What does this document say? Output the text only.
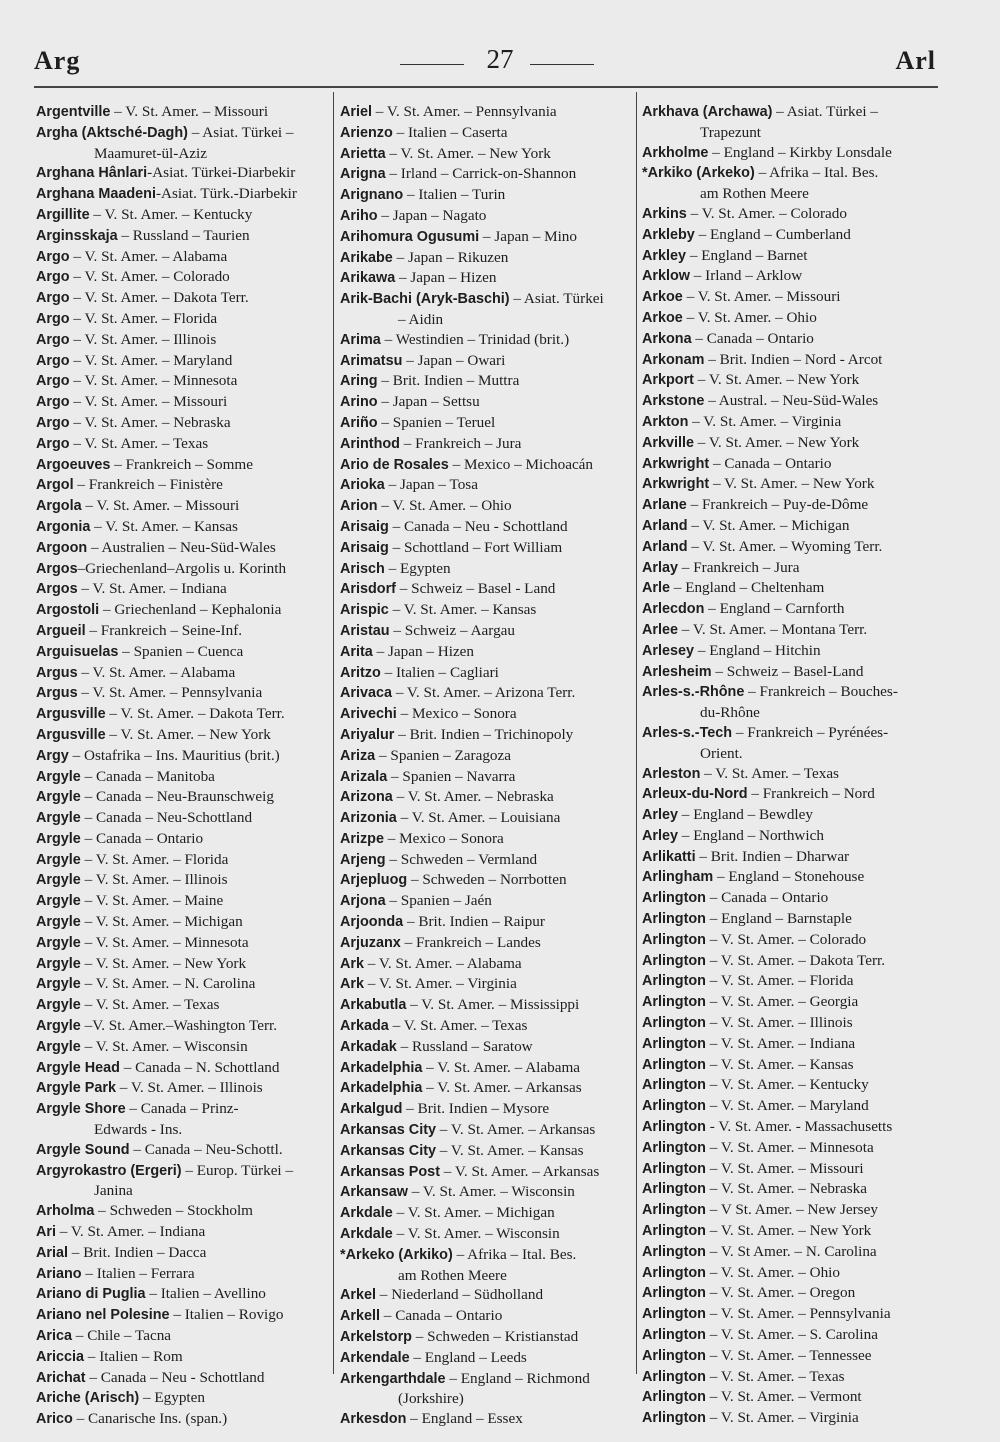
Arg	27	Arl
Argentville – V. St. Amer. – Missouri
Argha (Aktsché-Dagh) – Asiat. Türkei –
Maamuret-ül-Aziz
Arghana Hânlari-Asiat. Türkei-Diarbekir
Arghana Maadeni-Asiat. Türk.-Diarbekir
Argillite – V. St. Amer. – Kentucky
Arginsskaja – Russland – Taurien
Argo – V. St. Amer. – Alabama
Argo – V. St. Amer. – Colorado
Argo – V. St. Amer. – Dakota Terr.
Argo – V. St. Amer. – Florida
Argo – V. St. Amer. – Illinois
Argo – V. St. Amer. – Maryland
Argo – V. St. Amer. – Minnesota
Argo – V. St. Amer. – Missouri
Argo – V. St. Amer. – Nebraska
Argo – V. St. Amer. – Texas
Argoeuves – Frankreich – Somme
Argol – Frankreich – Finistère
Argola – V. St. Amer. – Missouri
Argonia – V. St. Amer. – Kansas
Argoon – Australien – Neu-Süd-Wales
Argos–Griechenland–Argolis u. Korinth
Argos – V. St. Amer. – Indiana
Argostoli – Griechenland – Kephalonia
Argueil – Frankreich – Seine-Inf.
Arguisuelas – Spanien – Cuenca
Argus – V. St. Amer. – Alabama
Argus – V. St. Amer. – Pennsylvania
Argusville – V. St. Amer. – Dakota Terr.
Argusville – V. St. Amer. – New York
Argy – Ostafrika – Ins. Mauritius (brit.)
Argyle – Canada – Manitoba
Argyle – Canada – Neu-Braunschweig
Argyle – Canada – Neu-Schottland
Argyle – Canada – Ontario
Argyle – V. St. Amer. – Florida
Argyle – V. St. Amer. – Illinois
Argyle – V. St. Amer. – Maine
Argyle – V. St. Amer. – Michigan
Argyle – V. St. Amer. – Minnesota
Argyle – V. St. Amer. – New York
Argyle – V. St. Amer. – N. Carolina
Argyle – V. St. Amer. – Texas
Argyle –V. St. Amer.–Washington Terr.
Argyle – V. St. Amer. – Wisconsin
Argyle Head – Canada – N. Schottland
Argyle Park – V. St. Amer. – Illinois
Argyle Shore – Canada – Prinz-
Edwards - Ins.
Argyle Sound – Canada – Neu-Schottl.
Argyrokastro (Ergeri) – Europ. Türkei –
Janina
Arholma – Schweden – Stockholm
Ari – V. St. Amer. – Indiana
Arial – Brit. Indien – Dacca
Ariano – Italien – Ferrara
Ariano di Puglia – Italien – Avellino
Ariano nel Polesine – Italien – Rovigo
Arica – Chile – Tacna
Ariccia – Italien – Rom
Arichat – Canada – Neu - Schottland
Ariche (Arisch) – Egypten
Arico – Canarische Ins. (span.)
Ariel – V. St. Amer. – Pennsylvania
Arienzo – Italien – Caserta
Arietta – V. St. Amer. – New York
Arigna – Irland – Carrick-on-Shannon
Arignano – Italien – Turin
Ariho – Japan – Nagato
Arihomura Ogusumi – Japan – Mino
Arikabe – Japan – Rikuzen
Arikawa – Japan – Hizen
Arik-Bachi (Aryk-Baschi) – Asiat. Türkei
– Aidin
Arima – Westindien – Trinidad (brit.)
Arimatsu – Japan – Owari
Aring – Brit. Indien – Muttra
Arino – Japan – Settsu
Ariño – Spanien – Teruel
Arinthod – Frankreich – Jura
Ario de Rosales – Mexico – Michoacán
Arioka – Japan – Tosa
Arion – V. St. Amer. – Ohio
Arisaig – Canada – Neu - Schottland
Arisaig – Schottland – Fort William
Arisch – Egypten
Arisdorf – Schweiz – Basel - Land
Arispic – V. St. Amer. – Kansas
Aristau – Schweiz – Aargau
Arita – Japan – Hizen
Aritzo – Italien – Cagliari
Arivaca – V. St. Amer. – Arizona Terr.
Arivechi – Mexico – Sonora
Ariyalur – Brit. Indien – Trichinopoly
Ariza – Spanien – Zaragoza
Arizala – Spanien – Navarra
Arizona – V. St. Amer. – Nebraska
Arizonia – V. St. Amer. – Louisiana
Arizpe – Mexico – Sonora
Arjeng – Schweden – Vermland
Arjepluog – Schweden – Norrbotten
Arjona – Spanien – Jaén
Arjoonda – Brit. Indien – Raipur
Arjuzanx – Frankreich – Landes
Ark – V. St. Amer. – Alabama
Ark – V. St. Amer. – Virginia
Arkabutla – V. St. Amer. – Mississippi
Arkada – V. St. Amer. – Texas
Arkadak – Russland – Saratow
Arkadelphia – V. St. Amer. – Alabama
Arkadelphia – V. St. Amer. – Arkansas
Arkalgud – Brit. Indien – Mysore
Arkansas City – V. St. Amer. – Arkansas
Arkansas City – V. St. Amer. – Kansas
Arkansas Post – V. St. Amer. – Arkansas
Arkansaw – V. St. Amer. – Wisconsin
Arkdale – V. St. Amer. – Michigan
Arkdale – V. St. Amer. – Wisconsin
*Arkeko (Arkiko) – Afrika – Ital. Bes.
am Rothen Meere
Arkel – Niederland – Südholland
Arkell – Canada – Ontario
Arkelstorp – Schweden – Kristianstad
Arkendale – England – Leeds
Arkengarthdale – England – Richmond
(Jorkshire)
Arkesdon – England – Essex
Arkhava (Archawa) – Asiat. Türkei –
Trapezunt
Arkholme – England – Kirkby Lonsdale
*Arkiko (Arkeko) – Afrika – Ital. Bes.
am Rothen Meere
Arkins – V. St. Amer. – Colorado
Arkleby – England – Cumberland
Arkley – England – Barnet
Arklow – Irland – Arklow
Arkoe – V. St. Amer. – Missouri
Arkoe – V. St. Amer. – Ohio
Arkona – Canada – Ontario
Arkonam – Brit. Indien – Nord - Arcot
Arkport – V. St. Amer. – New York
Arkstone – Austral. – Neu-Süd-Wales
Arkton – V. St. Amer. – Virginia
Arkville – V. St. Amer. – New York
Arkwright – Canada – Ontario
Arkwright – V. St. Amer. – New York
Arlane – Frankreich – Puy-de-Dôme
Arland – V. St. Amer. – Michigan
Arland – V. St. Amer. – Wyoming Terr.
Arlay – Frankreich – Jura
Arle – England – Cheltenham
Arlecdon – England – Carnforth
Arlee – V. St. Amer. – Montana Terr.
Arlesey – England – Hitchin
Arlesheim – Schweiz – Basel-Land
Arles-s.-Rhône – Frankreich – Bouches-
du-Rhône
Arles-s.-Tech – Frankreich – Pyrénées-
Orient.
Arleston – V. St. Amer. – Texas
Arleux-du-Nord – Frankreich – Nord
Arley – England – Bewdley
Arley – England – Northwich
Arlikatti – Brit. Indien – Dharwar
Arlingham – England – Stonehouse
Arlington – Canada – Ontario
Arlington – England – Barnstaple
Arlington – V. St. Amer. – Colorado
Arlington – V. St. Amer. – Dakota Terr.
Arlington – V. St. Amer. – Florida
Arlington – V. St. Amer. – Georgia
Arlington – V. St. Amer. – Illinois
Arlington – V. St. Amer. – Indiana
Arlington – V. St. Amer. – Kansas
Arlington – V. St. Amer. – Kentucky
Arlington – V. St. Amer. – Maryland
Arlington - V. St. Amer. - Massachusetts
Arlington – V. St. Amer. – Minnesota
Arlington – V. St. Amer. – Missouri
Arlington – V. St. Amer. – Nebraska
Arlington – V St. Amer. – New Jersey
Arlington – V. St. Amer. – New York
Arlington – V. St Amer. – N. Carolina
Arlington – V. St. Amer. – Ohio
Arlington – V. St. Amer. – Oregon
Arlington – V. St. Amer. – Pennsylvania
Arlington – V. St. Amer. – S. Carolina
Arlington – V. St. Amer. – Tennessee
Arlington – V. St. Amer. – Texas
Arlington – V. St. Amer. – Vermont
Arlington – V. St. Amer. – Virginia
